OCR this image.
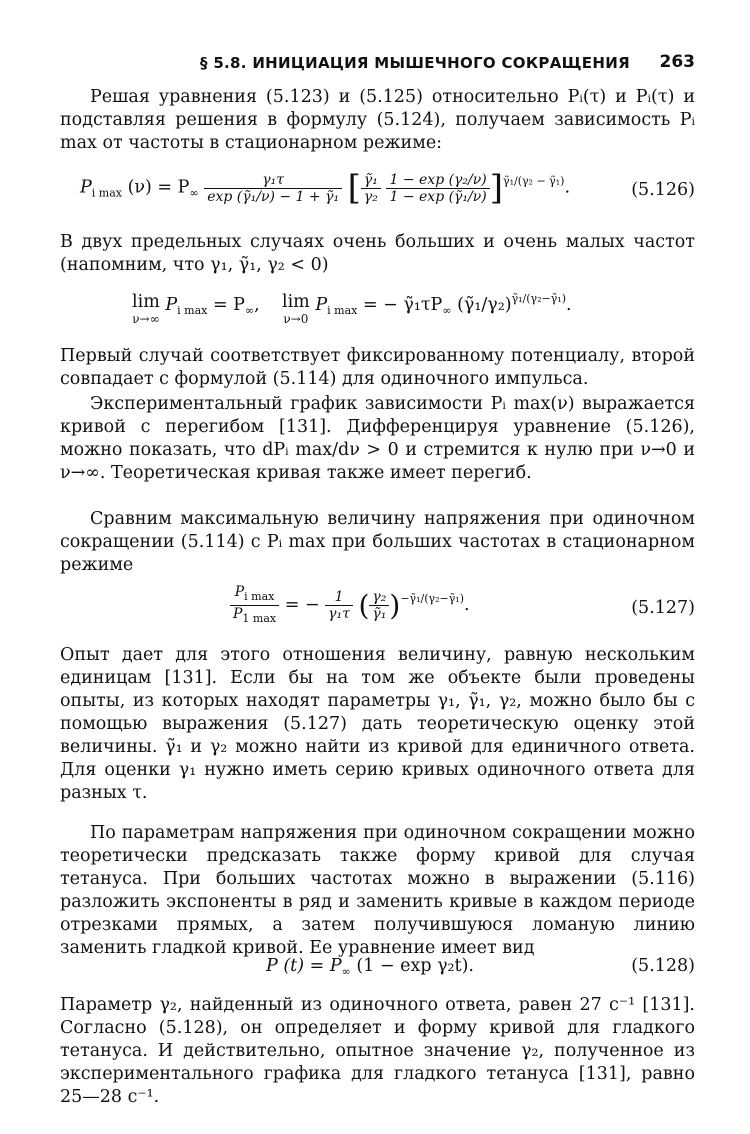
§ 5.8. ИНИЦИАЦИЯ МЫШЕЧНОГО СОКРАЩЕНИЯ 263

Решая уравнения (5.123) и (5.125) относительно Pᵢ(τ) и Pᵢ(τ) и подставляя решения в формулу (5.124), получаем зависимость Pᵢ max от частоты в стационарном режиме:

$P_{i max}$ $(\nu) = P_\infty \frac{\text{γ₁τ}}{\text{exp (γ̃₁/ν) − 1 + γ̃₁}}$ [ $\frac{\text{γ̃₁}}{\text{γ₂}}$
$\frac{\text{1 − exp (γ₂/ν)}}{\text{1 − exp (γ̃₁/ν)}} ]^{\gammã_1/(\gamma_2 - \gammã_1)}$.	(5.126)

В двух предельных случаях очень больших и очень малых частот (напомним, что γ₁, γ̃₁, γ₂ < 0)

lim
ν→∞
$P_{i max} = P_\infty$, lim
ν→0
$P_{i max}$ = − $\gammã_1\tau P_\infty$ (γ̃₁/γ₂)$^{\gammã_1/(\gamma_2-\gammã_1)}$.

Первый случай соответствует фиксированному потенциалу, второй совпадает с формулой (5.114) для одиночного импульса.

Экспериментальный график зависимости Pᵢ max(ν) выражается кривой с перегибом [131]. Дифференцируя уравнение (5.126), можно показать, что dPᵢ max/dν > 0 и стремится к нулю при ν→0 и ν→∞. Теоретическая кривая также имеет перегиб.

Сравним максимальную величину напряжения при одиночном сокращении (5.114) с Pᵢ max при больших частотах в стационарном режиме

$\frac{P_{i max}}{P_{1 max}}$ = − $\frac{1}{\text{γ₁τ}}$ ( $\frac{\text{γ₂}}{\text{γ̃₁}} )^{-\gammã_1/(\gamma_2-\gammã_1)}$.	(5.127)

Опыт дает для этого отношения величину, равную нескольким единицам [131]. Если бы на том же объекте были проведены опыты, из которых находят параметры γ₁, γ̃₁, γ₂, можно было бы с помощью выражения (5.127) дать теоретическую оценку этой величины. γ̃₁ и γ₂ можно найти из кривой для единичного ответа. Для оценки γ₁ нужно иметь серию кривых одиночного ответа для разных τ.

По параметрам напряжения при одиночном сокращении можно теоретически предсказать также форму кривой для случая тетануса. При больших частотах можно в выражении (5.116) разложить экспоненты в ряд и заменить кривые в каждом периоде отрезками прямых, а затем получившуюся ломаную линию заменить гладкой кривой. Ее уравнение имеет вид

P $(t) = P_\infty$ (1 − exp γ₂t).	(5.128)

Параметр γ₂, найденный из одиночного ответа, равен 27 с⁻¹ [131]. Согласно (5.128), он определяет и форму кривой для гладкого тетануса. И действительно, опытное значение γ₂, полученное из экспериментального графика для гладкого тетануса [131], равно 25—28 с⁻¹.
